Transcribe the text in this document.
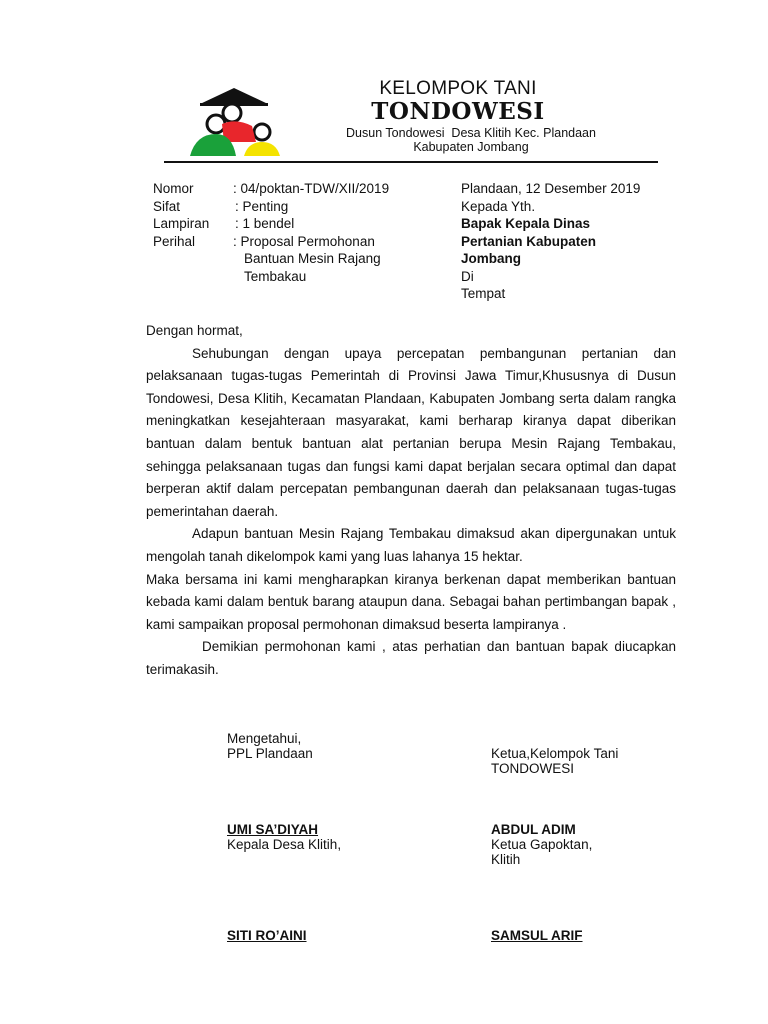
KELOMPOK TANI
TONDOWESI
Dusun Tondowesi  Desa Klitih Kec. Plandaan
Kabupaten Jombang
Nomor	: 04/poktan-TDW/XII/2019
Sifat	: Penting
Lampiran : 1 bendel
Perihal	: Proposal Permohonan
Bantuan Mesin Rajang
Tembakau
Plandaan, 12 Desember 2019
Kepada Yth.
Bapak Kepala Dinas
Pertanian Kabupaten
Jombang
Di
Tempat

Dengan hormat,

Sehubungan dengan upaya percepatan pembangunan pertanian dan pelaksanaan tugas-tugas Pemerintah di Provinsi Jawa Timur,Khususnya di Dusun Tondowesi, Desa Klitih, Kecamatan Plandaan, Kabupaten Jombang serta dalam rangka meningkatkan kesejahteraan masyarakat, kami berharap kiranya dapat diberikan bantuan dalam bentuk bantuan alat pertanian berupa Mesin Rajang Tembakau, sehingga pelaksanaan tugas dan fungsi kami dapat berjalan secara optimal dan dapat berperan aktif dalam percepatan pembangunan daerah dan pelaksanaan tugas-tugas pemerintahan daerah.

Adapun bantuan Mesin Rajang Tembakau dimaksud akan dipergunakan untuk mengolah tanah dikelompok kami yang luas lahanya 15 hektar.

Maka bersama ini kami mengharapkan kiranya berkenan dapat memberikan bantuan kebada kami dalam bentuk barang ataupun dana. Sebagai bahan pertimbangan bapak , kami sampaikan proposal permohonan dimaksud beserta lampiranya .

Demikian permohonan kami , atas perhatian dan bantuan bapak diucapkan terimakasih.

Mengetahui,
PPL Plandaan	Ketua,Kelompok Tani
TONDOWESI
UMI SA’DIYAH	ABDUL ADIM
Kepala Desa Klitih,	Ketua Gapoktan,
Klitih
SITI RO’AINI	SAMSUL ARIF
